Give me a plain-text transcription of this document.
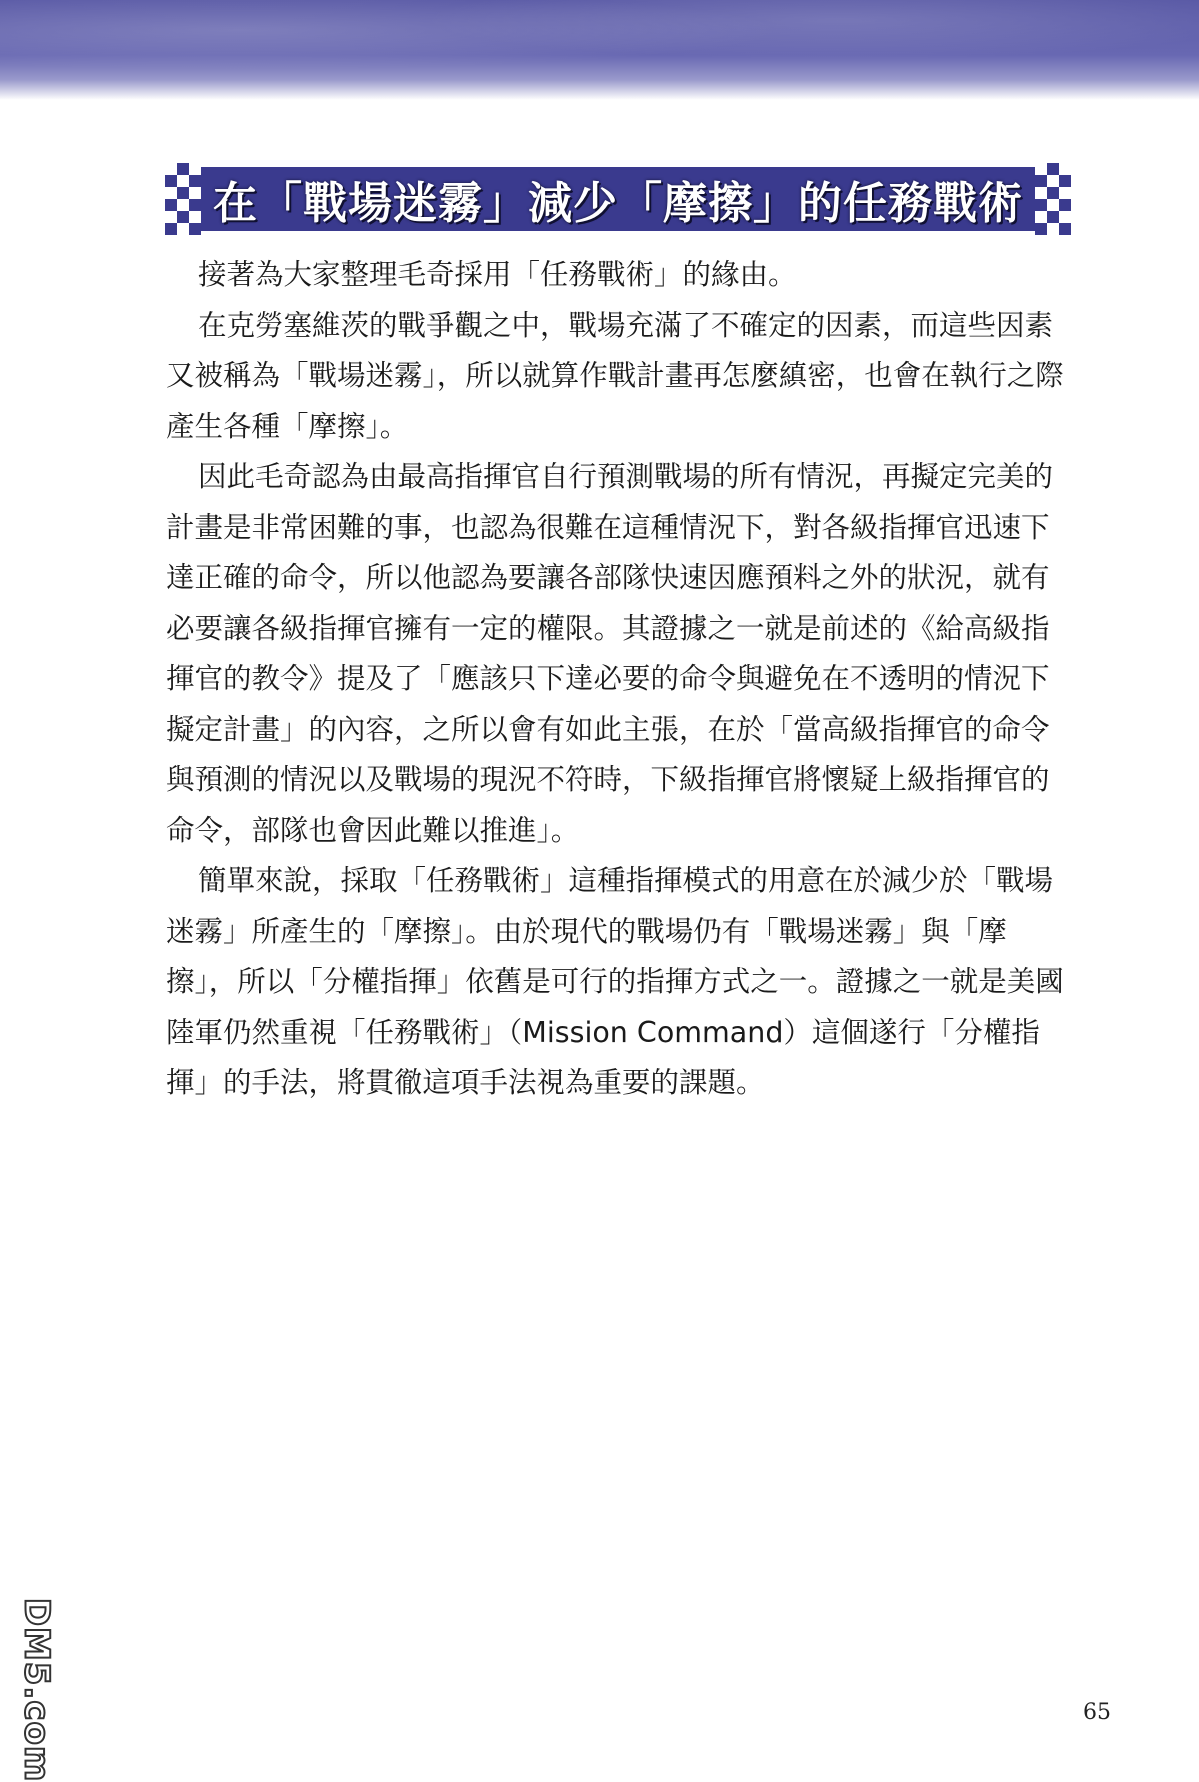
在「戰場迷霧」減少「摩擦」的任務戰術

接著為大家整理毛奇採用「任務戰術」的緣由。

在克勞塞維茨的戰爭觀之中，戰場充滿了不確定的因素，而這些因素又被稱為「戰場迷霧」，所以就算作戰計畫再怎麼縝密，也會在執行之際產生各種「摩擦」。

因此毛奇認為由最高指揮官自行預測戰場的所有情況，再擬定完美的計畫是非常困難的事，也認為很難在這種情況下，對各級指揮官迅速下達正確的命令，所以他認為要讓各部隊快速因應預料之外的狀況，就有必要讓各級指揮官擁有一定的權限。其證據之一就是前述的《給高級指揮官的教令》提及了「應該只下達必要的命令與避免在不透明的情況下擬定計畫」的內容，之所以會有如此主張，在於「當高級指揮官的命令與預測的情況以及戰場的現況不符時，下級指揮官將懷疑上級指揮官的命令，部隊也會因此難以推進」。

簡單來說，採取「任務戰術」這種指揮模式的用意在於減少於「戰場迷霧」所產生的「摩擦」。由於現代的戰場仍有「戰場迷霧」與「摩擦」，所以「分權指揮」依舊是可行的指揮方式之一。證據之一就是美國陸軍仍然重視「任務戰術」（Mission Command）這個遂行「分權指揮」的手法，將貫徹這項手法視為重要的課題。

65
DM5.com
